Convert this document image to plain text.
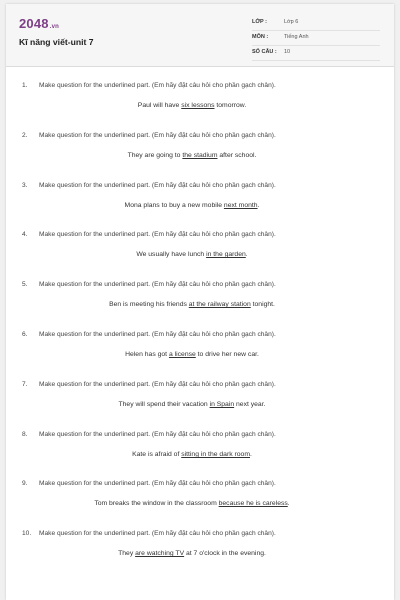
2048.vn
Kĩ năng viết-unit 7
LỚP :	Lớp 6
MÔN :	Tiếng Anh
SỐ CÂU : 10
1. Make question for the underlined part. (Em hãy đặt câu hỏi cho phần gạch chân).
Paul will have six lessons tomorrow.
2. Make question for the underlined part. (Em hãy đặt câu hỏi cho phần gạch chân).
They are going to the stadium after school.
3. Make question for the underlined part. (Em hãy đặt câu hỏi cho phần gạch chân).
Mona plans to buy a new mobile next month.
4. Make question for the underlined part. (Em hãy đặt câu hỏi cho phần gạch chân).
We usually have lunch in the garden.
5. Make question for the underlined part. (Em hãy đặt câu hỏi cho phần gạch chân).
Ben is meeting his friends at the railway station tonight.
6. Make question for the underlined part. (Em hãy đặt câu hỏi cho phần gạch chân).
Helen has got a license to drive her new car.
7. Make question for the underlined part. (Em hãy đặt câu hỏi cho phần gạch chân).
They will spend their vacation in Spain next year.
8. Make question for the underlined part. (Em hãy đặt câu hỏi cho phần gạch chân).
Kate is afraid of sitting in the dark room.
9. Make question for the underlined part. (Em hãy đặt câu hỏi cho phần gạch chân).
Tom breaks the window in the classroom because he is careless.
10. Make question for the underlined part. (Em hãy đặt câu hỏi cho phần gạch chân).
They are watching TV at 7 o'clock in the evening.
